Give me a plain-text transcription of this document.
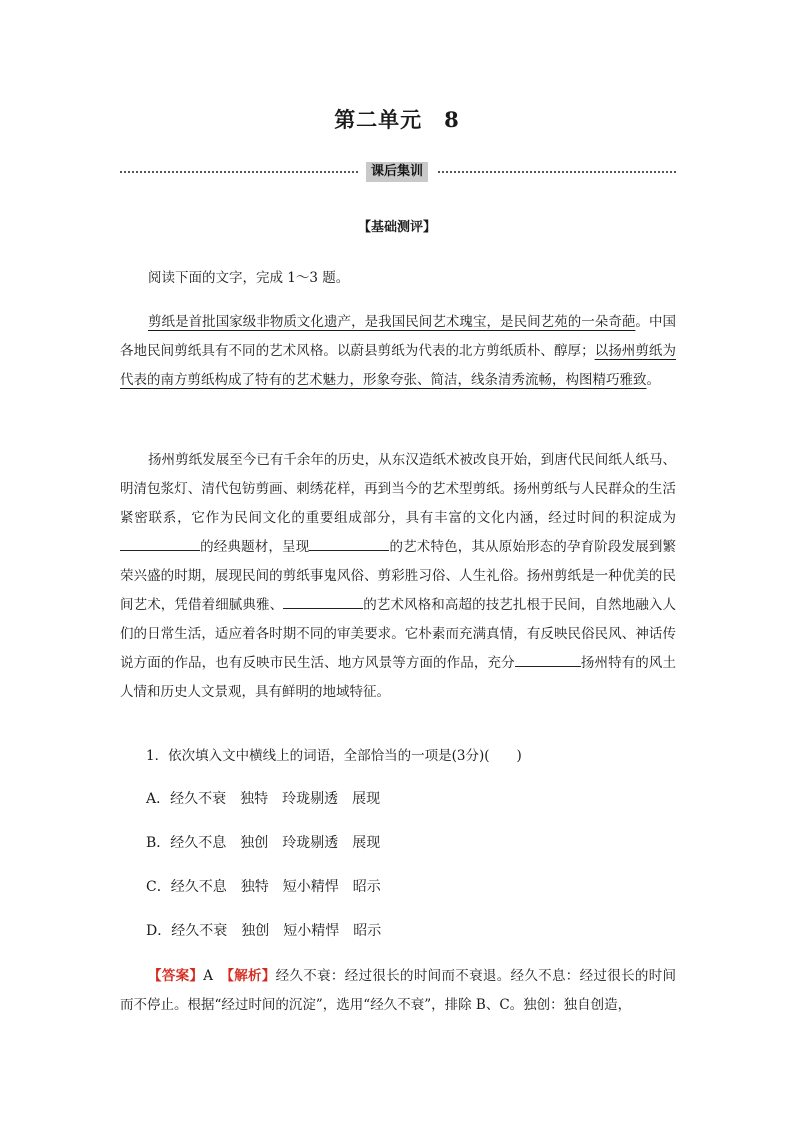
第二单元　8
课后集训
【基础测评】

阅读下面的文字，完成 1～3 题。

剪纸是首批国家级非物质文化遗产，是我国民间艺术瑰宝，是民间艺苑的一朵奇葩。中国各地民间剪纸具有不同的艺术风格。以蔚县剪纸为代表的北方剪纸质朴、醇厚；以扬州剪纸为代表的南方剪纸构成了特有的艺术魅力，形象夸张、简洁，线条清秀流畅，构图精巧雅致。

扬州剪纸发展至今已有千余年的历史，从东汉造纸术被改良开始，到唐代民间纸人纸马、明清包浆灯、清代包钫剪画、刺绣花样，再到当今的艺术型剪纸。扬州剪纸与人民群众的生活紧密联系，它作为民间文化的重要组成部分，具有丰富的文化内涵，经过时间的积淀成为 的经典题材，呈现	的艺术特色，其从原始形态的孕育阶段发展到繁荣兴盛的时期，展现民间的剪纸事鬼风俗、剪彩胜习俗、人生礼俗。扬州剪纸是一种优美的民间艺术，凭借着细腻典雅、	的艺术风格和高超的技艺扎根于民间，自然地融入人们的日常生活，适应着各时期不同的审美要求。它朴素而充满真情，有反映民俗民风、神话传说方面的作品，也有反映市民生活、地方风景等方面的作品，充分	扬州特有的风土人情和历史人文景观，具有鲜明的地域特征。

1．依次填入文中横线上的词语，全部恰当的一项是(3分)(　　)

A．经久不衰 独特 玲珑剔透 展现
B．经久不息 独创 玲珑剔透 展现
C．经久不息 独特 短小精悍 昭示
D．经久不衰 独创 短小精悍 昭示

【答案】A　【解析】经久不衰：经过很长的时间而不衰退。经久不息：经过很长的时间而不停止。根据“经过时间的沉淀”，选用“经久不衰”，排除 B、C。独创：独自创造，
